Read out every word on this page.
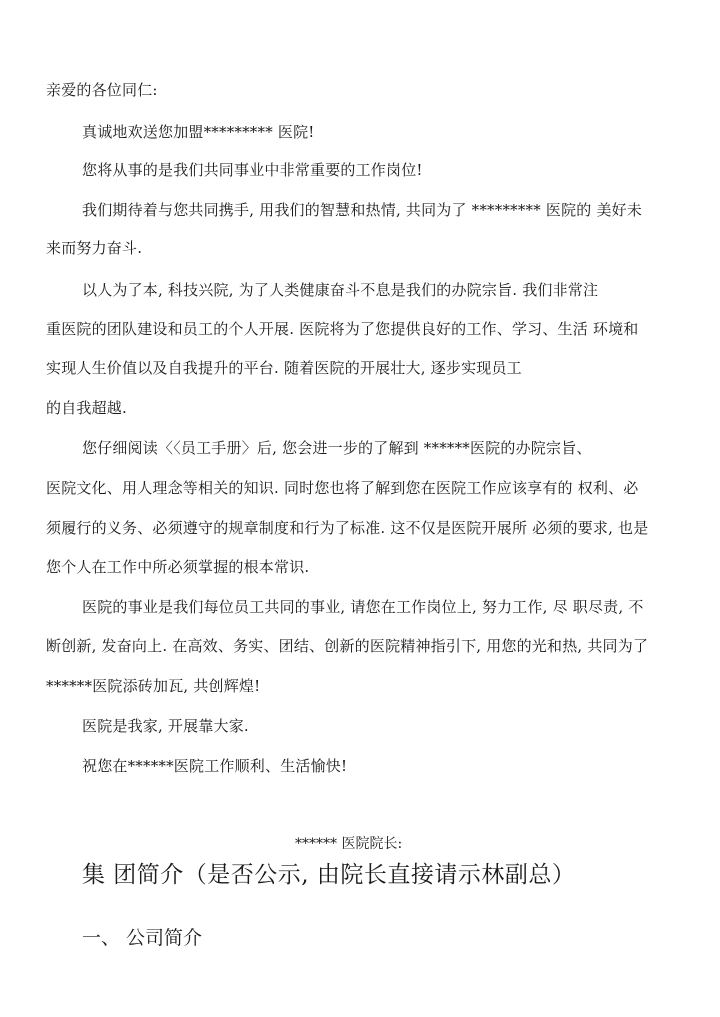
亲爱的各位同仁:
真诚地欢送您加盟********* 医院!
您将从事的是我们共同事业中非常重要的工作岗位!
我们期待着与您共同携手, 用我们的智慧和热情, 共同为了 ********* 医院的 美好未
来而努力奋斗.
以人为了本, 科技兴院, 为了人类健康奋斗不息是我们的办院宗旨. 我们非常注
重医院的团队建设和员工的个人开展. 医院将为了您提供良好的工作、学习、生活 环境和
实现人生价值以及自我提升的平台. 随着医院的开展壮大, 逐步实现员工
的自我超越.
您仔细阅读〈〈员工手册〉后, 您会进一步的了解到 ******医院的办院宗旨、
医院文化、用人理念等相关的知识. 同时您也将了解到您在医院工作应该享有的 权利、必
须履行的义务、必须遵守的规章制度和行为了标准. 这不仅是医院开展所 必须的要求, 也是
您个人在工作中所必须掌握的根本常识.
医院的事业是我们每位员工共同的事业, 请您在工作岗位上, 努力工作, 尽 职尽责, 不
断创新, 发奋向上. 在高效、务实、团结、创新的医院精神指引下, 用您的光和热, 共同为了
******医院添砖加瓦, 共创辉煌!
医院是我家, 开展靠大家.
祝您在******医院工作顺利、生活愉快!
****** 医院院长:
集 团简介（是否公示, 由院长直接请示林副总）
一、 公司简介
